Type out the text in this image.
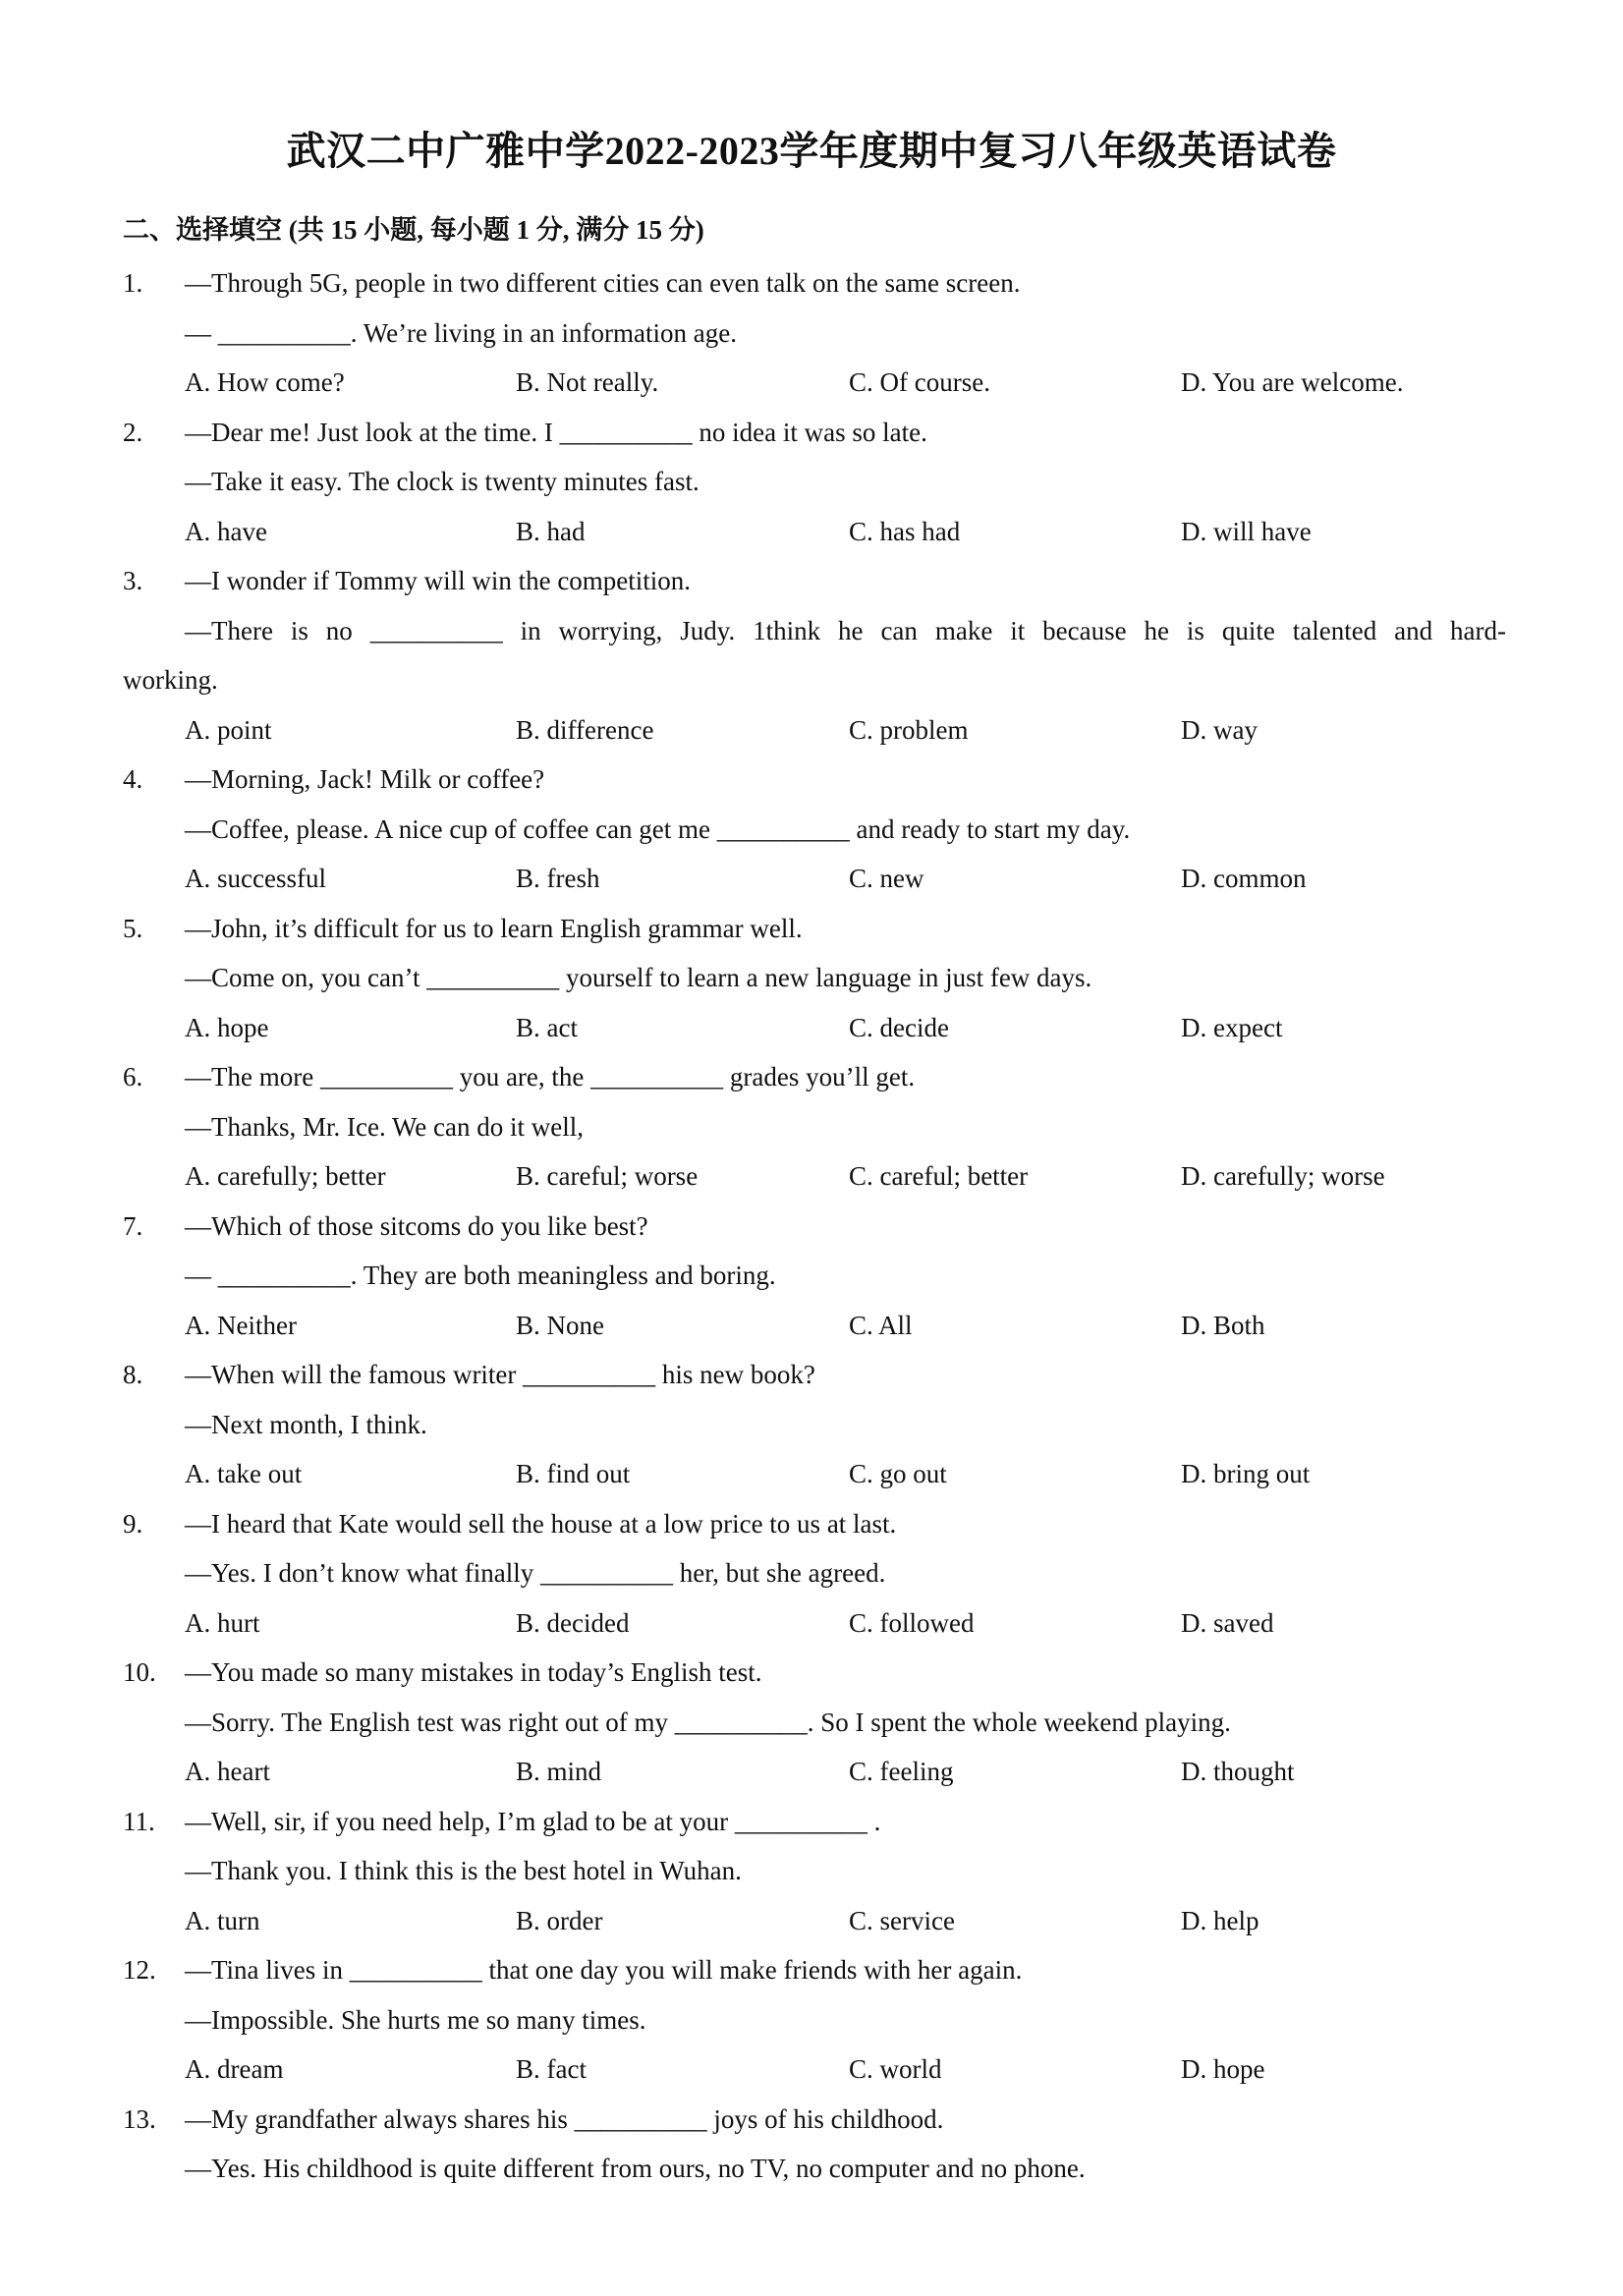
武汉二中广雅中学2022-2023学年度期中复习八年级英语试卷
二、选择填空 (共 15 小题, 每小题 1 分, 满分 15 分)
1. —Through 5G, people in two different cities can even talk on the same screen.
— __________. We’re living in an information age.
A. How come?	B. Not really.	C. Of course.	D. You are welcome.
2. —Dear me! Just look at the time. I __________ no idea it was so late.
—Take it easy. The clock is twenty minutes fast.
A. have	B. had	C. has had	D. will have
3. —I wonder if Tommy will win the competition.
—There is no __________ in worrying, Judy. 1think he can make it because he is quite talented and hard-
working.
A. point	B. difference	C. problem	D. way
4. —Morning, Jack! Milk or coffee?
—Coffee, please. A nice cup of coffee can get me __________ and ready to start my day.
A. successful	B. fresh	C. new	D. common
5. —John, it’s difficult for us to learn English grammar well.
—Come on, you can’t __________ yourself to learn a new language in just few days.
A. hope	B. act	C. decide	D. expect
6. —The more __________ you are, the __________ grades you’ll get.
—Thanks, Mr. Ice. We can do it well,
A. carefully; better	B. careful; worse	C. careful; better	D. carefully; worse
7. —Which of those sitcoms do you like best?
— __________. They are both meaningless and boring.
A. Neither	B. None	C. All	D. Both
8. —When will the famous writer __________ his new book?
—Next month, I think.
A. take out	B. find out	C. go out	D. bring out
9. —I heard that Kate would sell the house at a low price to us at last.
—Yes. I don’t know what finally __________ her, but she agreed.
A. hurt	B. decided	C. followed	D. saved
10. —You made so many mistakes in today’s English test.
—Sorry. The English test was right out of my __________. So I spent the whole weekend playing.
A. heart	B. mind	C. feeling	D. thought
11. —Well, sir, if you need help, I’m glad to be at your __________ .
—Thank you. I think this is the best hotel in Wuhan.
A. turn	B. order	C. service	D. help
12. —Tina lives in __________ that one day you will make friends with her again.
—Impossible. She hurts me so many times.
A. dream	B. fact	C. world	D. hope
13. —My grandfather always shares his __________ joys of his childhood.
—Yes. His childhood is quite different from ours, no TV, no computer and no phone.
